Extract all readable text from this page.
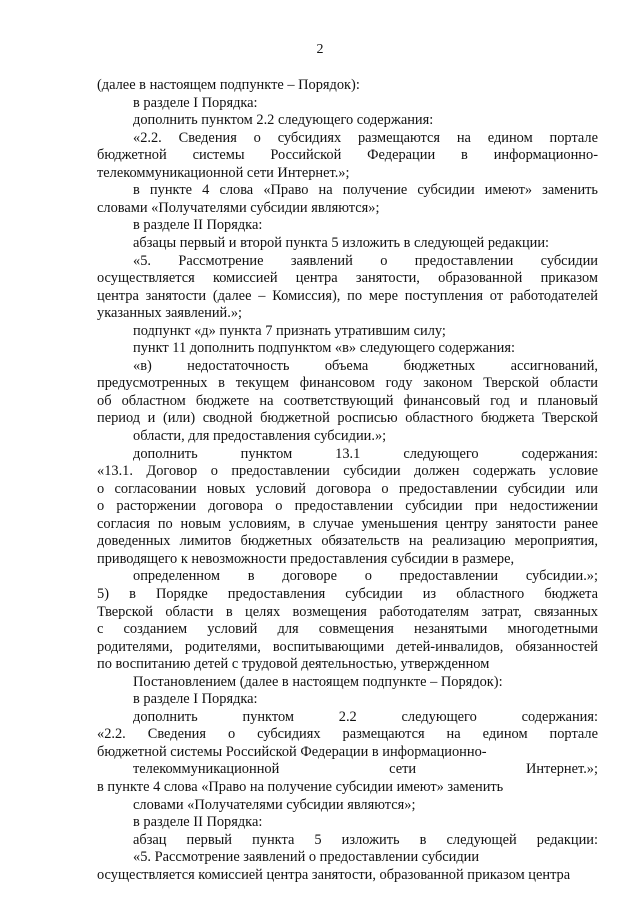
2
(далее в настоящем подпункте – Порядок):
в разделе I Порядка:
дополнить пунктом 2.2 следующего содержания:
«2.2. Сведения о субсидиях размещаются на едином портале
бюджетной системы Российской Федерации в информационно-
телекоммуникационной сети Интернет.»;
в пункте 4 слова «Право на получение субсидии имеют» заменить
словами «Получателями субсидии являются»;
в разделе II Порядка:
абзацы первый и второй пункта 5 изложить в следующей редакции:
«5. Рассмотрение заявлений о предоставлении субсидии
осуществляется комиссией центра занятости, образованной приказом
центра занятости (далее – Комиссия), по мере поступления от работодателей
указанных заявлений.»;
подпункт «д» пункта 7 признать утратившим силу;
пункт 11 дополнить подпунктом «в» следующего содержания:
«в) недостаточность объема бюджетных ассигнований,
предусмотренных в текущем финансовом году законом Тверской области
об областном бюджете на соответствующий финансовый год и плановый
период и (или) сводной бюджетной росписью областного бюджета Тверской
области, для предоставления субсидии.»;
дополнить пунктом 13.1 следующего содержания:
«13.1. Договор о предоставлении субсидии должен содержать условие
о согласовании новых условий договора о предоставлении субсидии или
о расторжении договора о предоставлении субсидии при недостижении
согласия по новым условиям, в случае уменьшения центру занятости ранее
доведенных лимитов бюджетных обязательств на реализацию мероприятия,
приводящего к невозможности предоставления субсидии в размере,
определенном в договоре о предоставлении субсидии.»;
5) в Порядке предоставления субсидии из областного бюджета
Тверской области в целях возмещения работодателям затрат, связанных
с созданием условий для совмещения незанятыми многодетными
родителями, родителями, воспитывающими детей-инвалидов, обязанностей
по воспитанию детей с трудовой деятельностью, утвержденном
Постановлением (далее в настоящем подпункте – Порядок):
в разделе I Порядка:
дополнить пунктом 2.2 следующего содержания:
«2.2. Сведения о субсидиях размещаются на едином портале
бюджетной системы Российской Федерации в информационно-
телекоммуникационной сети Интернет.»;
в пункте 4 слова «Право на получение субсидии имеют» заменить
словами «Получателями субсидии являются»;
в разделе II Порядка:
абзац первый пункта 5 изложить в следующей редакции:
«5. Рассмотрение заявлений о предоставлении субсидии
осуществляется комиссией центра занятости, образованной приказом центра
